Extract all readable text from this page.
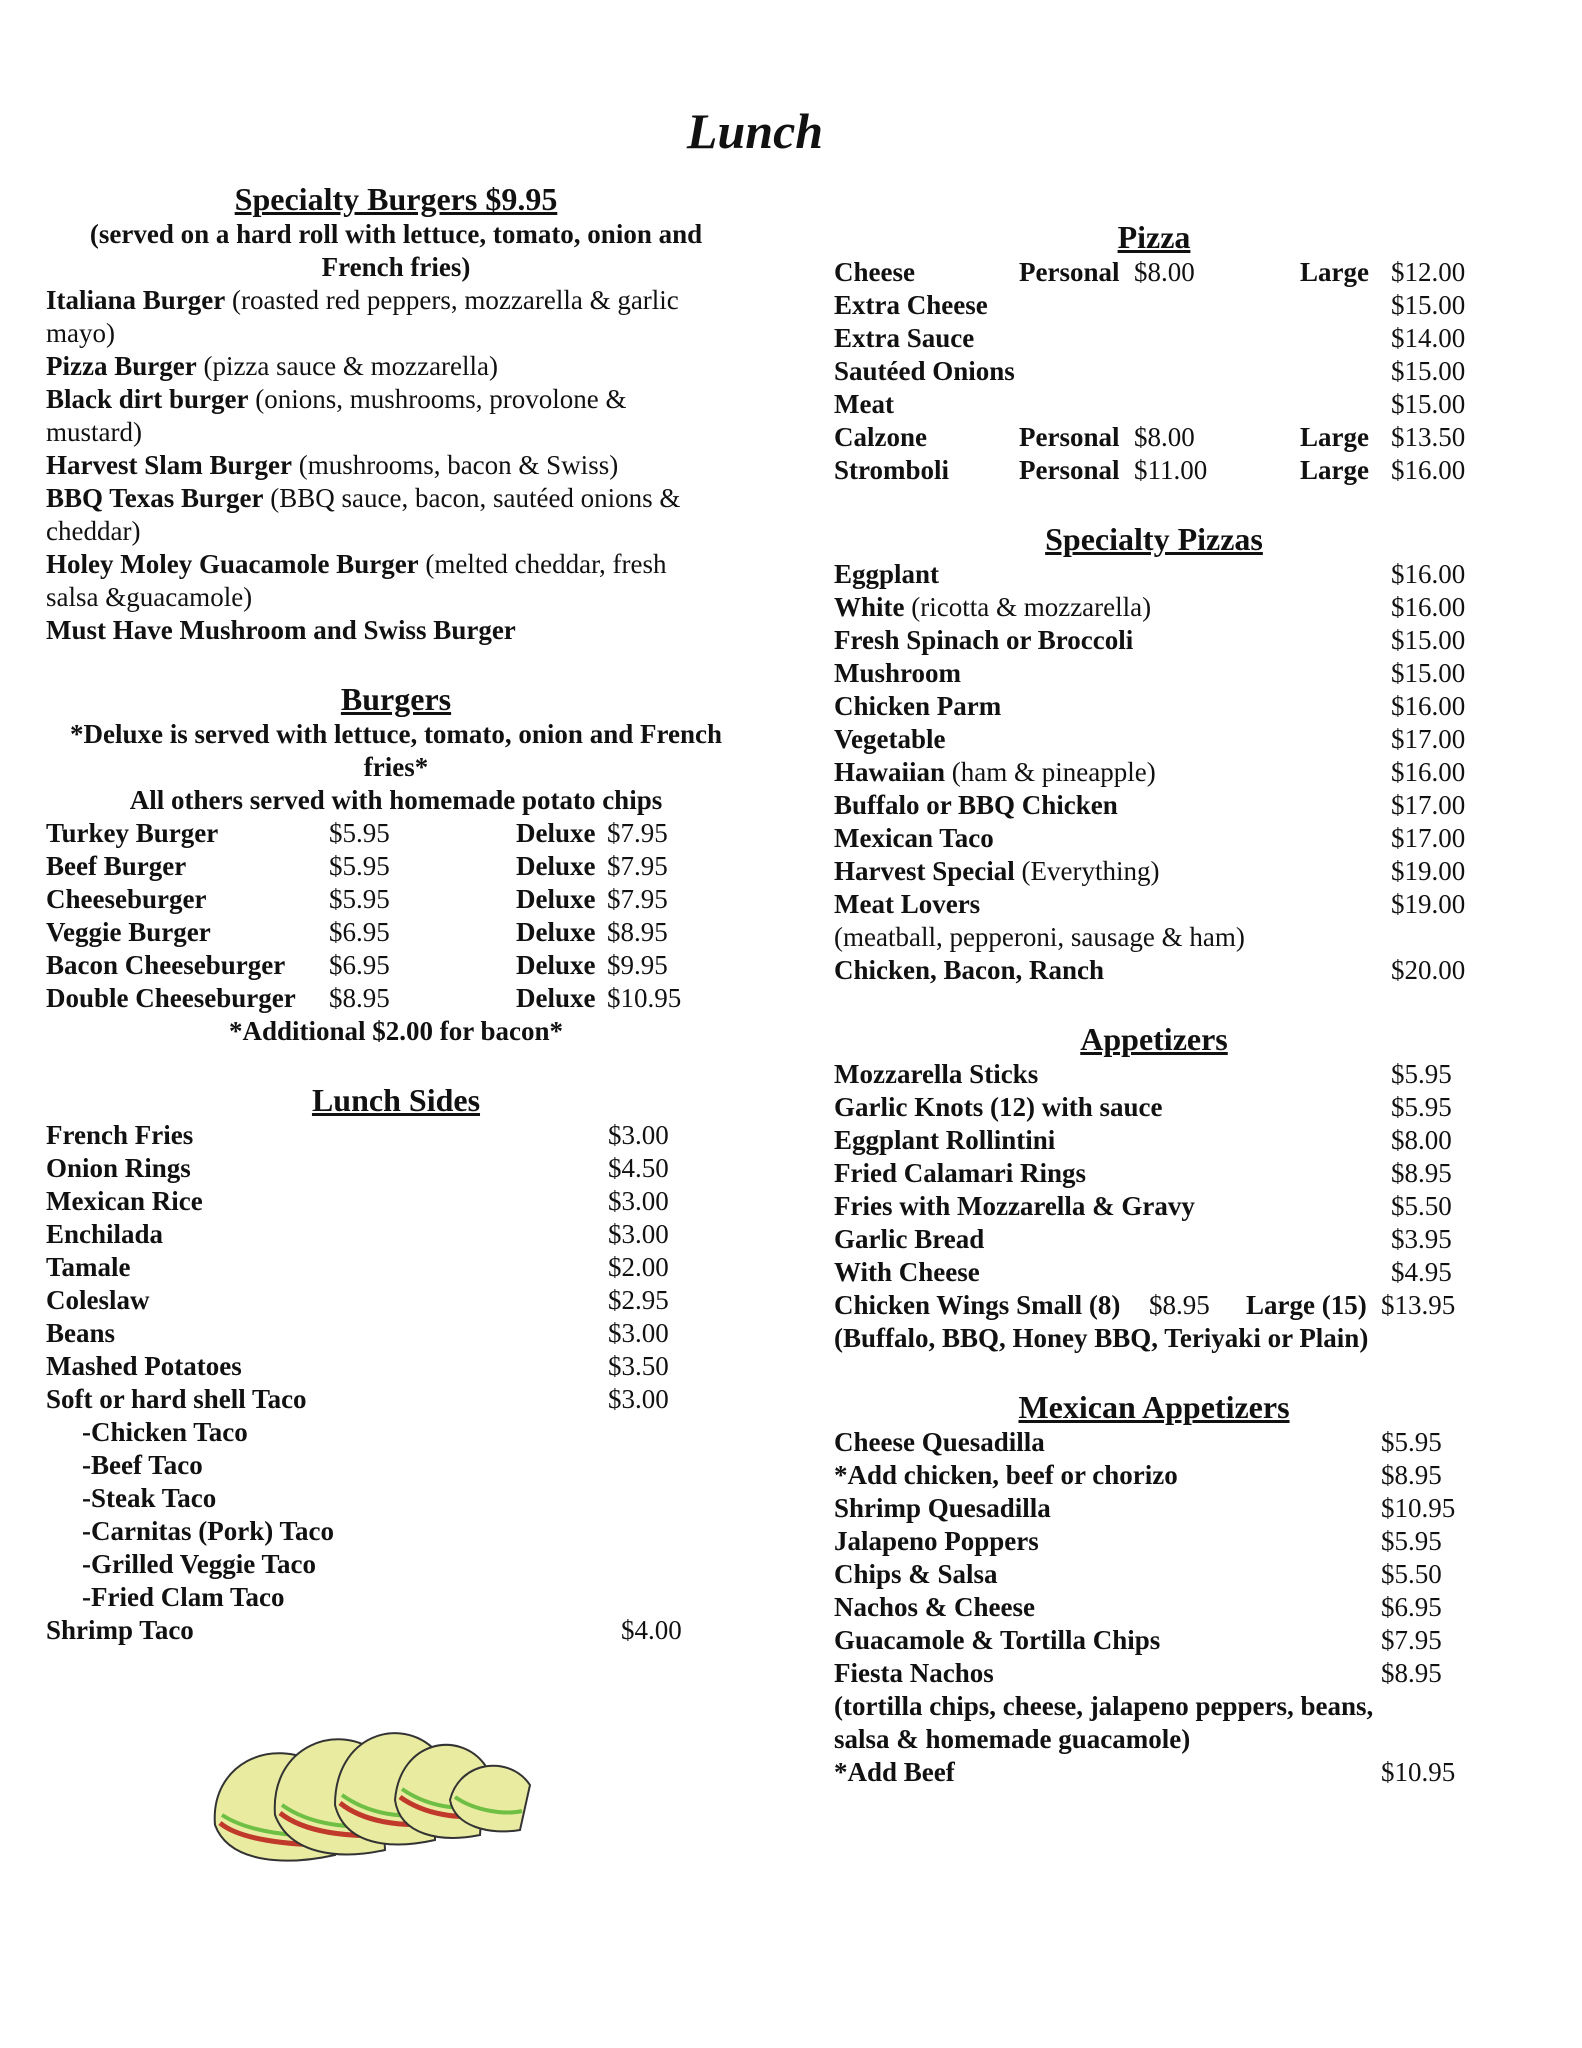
Lunch
Specialty Burgers $9.95
(served on a hard roll with lettuce, tomato, onion and
French fries)
Italiana Burger (roasted red peppers, mozzarella & garlic
mayo)
Pizza Burger (pizza sauce & mozzarella)
Black dirt burger (onions, mushrooms, provolone &
mustard)
Harvest Slam Burger (mushrooms, bacon & Swiss)
BBQ Texas Burger (BBQ sauce, bacon, sautéed onions &
cheddar)
Holey Moley Guacamole Burger (melted cheddar, fresh
salsa &guacamole)
Must Have Mushroom and Swiss Burger
Burgers
*Deluxe is served with lettuce, tomato, onion and French
fries*
All others served with homemade potato chips
Turkey Burger	$5.95	Deluxe $7.95
Beef Burger	$5.95	Deluxe $7.95
Cheeseburger	$5.95	Deluxe $7.95
Veggie Burger	$6.95	Deluxe $8.95
Bacon Cheeseburger $6.95	Deluxe $9.95
Double Cheeseburger $8.95	Deluxe $10.95
*Additional $2.00 for bacon*
Lunch Sides
French Fries	$3.00
Onion Rings	$4.50
Mexican Rice	$3.00
Enchilada	$3.00
Tamale	$2.00
Coleslaw	$2.95
Beans	$3.00
Mashed Potatoes	$3.50
Soft or hard shell Taco	$3.00
-Chicken Taco
-Beef Taco
-Steak Taco
-Carnitas (Pork) Taco
-Grilled Veggie Taco
-Fried Clam Taco
Shrimp Taco	$4.00
Pizza
Cheese	Personal $8.00	Large $12.00
Extra Cheese	$15.00
Extra Sauce	$14.00
Sautéed Onions	$15.00
Meat	$15.00
Calzone	Personal $8.00	Large $13.50
Stromboli	Personal $11.00	Large $16.00
Specialty Pizzas
Eggplant	$16.00
White (ricotta & mozzarella)	$16.00
Fresh Spinach or Broccoli	$15.00
Mushroom	$15.00
Chicken Parm	$16.00
Vegetable	$17.00
Hawaiian (ham & pineapple)	$16.00
Buffalo or BBQ Chicken	$17.00
Mexican Taco	$17.00
Harvest Special (Everything)	$19.00
Meat Lovers	$19.00
(meatball, pepperoni, sausage & ham)
Chicken, Bacon, Ranch	$20.00
Appetizers
Mozzarella Sticks	$5.95
Garlic Knots (12) with sauce	$5.95
Eggplant Rollintini	$8.00
Fried Calamari Rings	$8.95
Fries with Mozzarella & Gravy	$5.50
Garlic Bread	$3.95
With Cheese	$4.95
Chicken Wings Small (8) $8.95 Large (15) $13.95
(Buffalo, BBQ, Honey BBQ, Teriyaki or Plain)
Mexican Appetizers
Cheese Quesadilla	$5.95
*Add chicken, beef or chorizo	$8.95
Shrimp Quesadilla	$10.95
Jalapeno Poppers	$5.95
Chips & Salsa	$5.50
Nachos & Cheese	$6.95
Guacamole & Tortilla Chips	$7.95
Fiesta Nachos	$8.95
(tortilla chips, cheese, jalapeno peppers, beans,
salsa & homemade guacamole)
*Add Beef	$10.95
